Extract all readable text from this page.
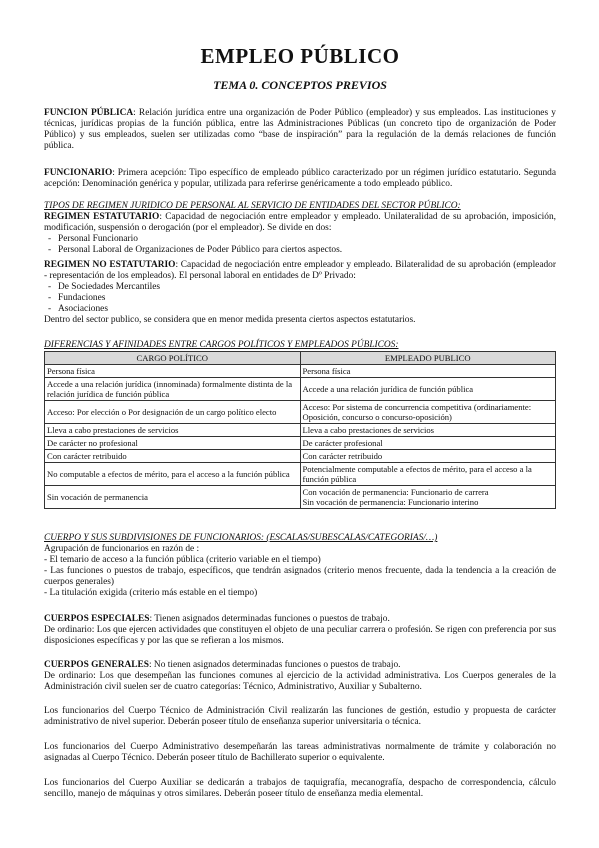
EMPLEO PÚBLICO
TEMA 0. CONCEPTOS PREVIOS
FUNCION PÚBLICA: Relación jurídica entre una organización de Poder Público (empleador) y sus empleados. Las instituciones y técnicas, jurídicas propias de la función pública, entre las Administraciones Públicas (un concreto tipo de organización de Poder Público) y sus empleados, suelen ser utilizadas como “base de inspiración” para la regulación de la demás relaciones de función pública.
FUNCIONARIO: Primera acepción: Tipo específico de empleado público caracterizado por un régimen jurídico estatutario. Segunda acepción: Denominación genérica y popular, utilizada para referirse genéricamente a todo empleado público.
TIPOS DE REGIMEN JURIDICO DE PERSONAL AL SERVICIO DE ENTIDADES DEL SECTOR PÚBLICO:
REGIMEN ESTATUTARIO: Capacidad de negociación entre empleador y empleado. Unilateralidad de su aprobación, imposición, modificación, suspensión o derogación (por el empleador). Se divide en dos:
- Personal Funcionario
- Personal Laboral de Organizaciones de Poder Público para ciertos aspectos.
REGIMEN NO ESTATUTARIO: Capacidad de negociación entre empleador y empleado. Bilateralidad de su aprobación (empleador - representación de los empleados). El personal laboral en entidades de Dº Privado:
- De Sociedades Mercantiles
- Fundaciones
- Asociaciones
Dentro del sector publico, se considera que en menor medida presenta ciertos aspectos estatutarios.
DIFERENCIAS Y AFINIDADES ENTRE CARGOS POLÍTICOS Y EMPLEADOS PÚBLICOS:
CARGO POLÍTICO	EMPLEADO PUBLICO
Persona física	Persona física
Accede a una relación jurídica (innominada) formalmente distinta de la relación jurídica de función pública	Accede a una relación jurídica de función pública
Acceso: Por elección o Por designación de un cargo político electo	Acceso: Por sistema de concurrencia competitiva (ordinariamente: Oposición, concurso o concurso-oposición)
Lleva a cabo prestaciones de servicios	Lleva a cabo prestaciones de servicios
De carácter no profesional	De carácter profesional
Con carácter retribuido	Con carácter retribuido
No computable a efectos de mérito, para el acceso a la función pública	Potencialmente computable a efectos de mérito, para el acceso a la función pública
Sin vocación de permanencia	Con vocación de permanencia: Funcionario de carrera
Sin vocación de permanencia: Funcionario interino
CUERPO Y SUS SUBDIVISIONES DE FUNCIONARIOS: (ESCALAS/SUBESCALAS/CATEGORIAS/…)
Agrupación de funcionarios en razón de :
- El temario de acceso a la función pública (criterio variable en el tiempo)
- Las funciones o puestos de trabajo, específicos, que tendrán asignados (criterio menos frecuente, dada la tendencia a la creación de cuerpos generales)
- La titulación exigida (criterio más estable en el tiempo)
CUERPOS ESPECIALES: Tienen asignados determinadas funciones o puestos de trabajo.
De ordinario: Los que ejercen actividades que constituyen el objeto de una peculiar carrera o profesión. Se rigen con preferencia por sus disposiciones específicas y por las que se refieran a los mismos.
CUERPOS GENERALES: No tienen asignados determinadas funciones o puestos de trabajo.
De ordinario: Los que desempeñan las funciones comunes al ejercicio de la actividad administrativa. Los Cuerpos generales de la Administración civil suelen ser de cuatro categorías: Técnico, Administrativo, Auxiliar y Subalterno.
Los funcionarios del Cuerpo Técnico de Administración Civil realizarán las funciones de gestión, estudio y propuesta de carácter administrativo de nivel superior. Deberán poseer título de enseñanza superior universitaria o técnica.
Los funcionarios del Cuerpo Administrativo desempeñarán las tareas administrativas normalmente de trámite y colaboración no asignadas al Cuerpo Técnico. Deberán poseer título de Bachillerato superior o equivalente.
Los funcionarios del Cuerpo Auxiliar se dedicarán a trabajos de taquigrafía, mecanografía, despacho de correspondencia, cálculo sencillo, manejo de máquinas y otros similares. Deberán poseer título de enseñanza media elemental.
